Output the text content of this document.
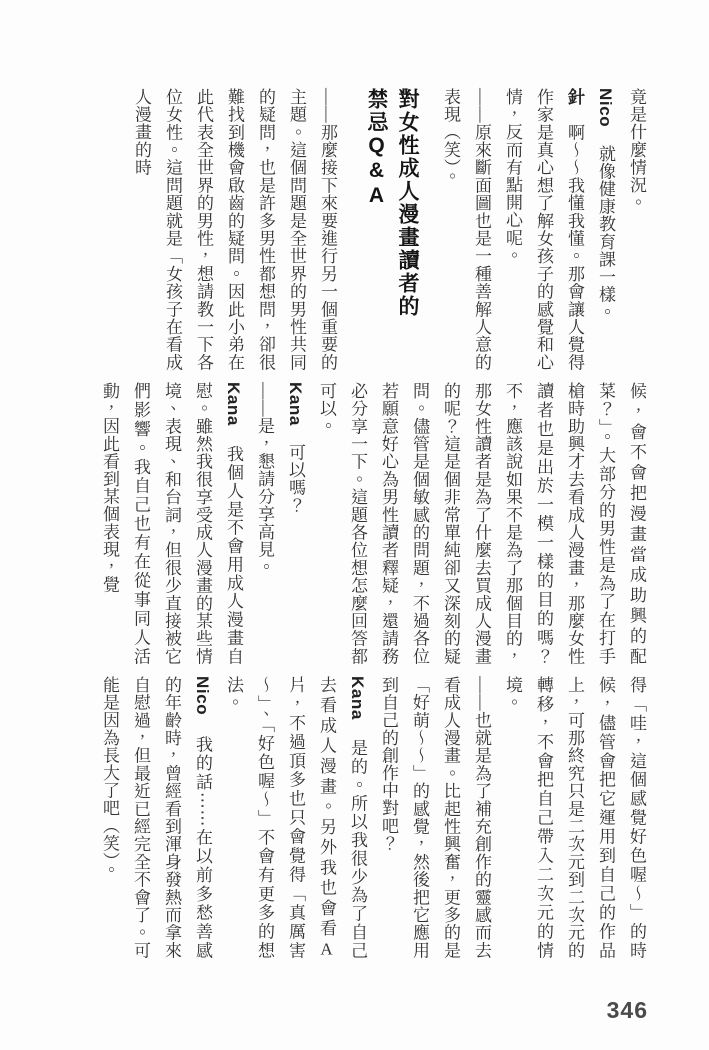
竟是什麼情況。

Nico　就像健康教育課一樣。

針　啊～～我懂我懂。那會讓人覺得作家是真心想了解女孩子的感覺和心情，反而有點開心呢。

——原來斷面圖也是一種善解人意的表現（笑）。

對女性成人漫畫讀者的
禁忌Q&A

——那麼接下來要進行另一個重要的主題。這個問題是全世界的男性共同的疑問，也是許多男性都想問，卻很難找到機會啟齒的疑問。因此小弟在此代表全世界的男性，想請教一下各位女性。這問題就是「女孩子在看成人漫畫的時

候，會不會把漫畫當成助興的配菜？」。大部分的男性是為了在打手槍時助興才去看成人漫畫，那麼女性讀者也是出於一模一樣的目的嗎？不，應該說如果不是為了那個目的，那女性讀者是為了什麼去買成人漫畫的呢？這是個非常單純卻又深刻的疑問。儘管是個敏感的問題，不過各位若願意好心為男性讀者釋疑，還請務必分享一下。這題各位想怎麼回答都可以。

Kana　可以嗎？

——是，懇請分享高見。

Kana　我個人是不會用成人漫畫自慰。雖然我很享受成人漫畫的某些情境、表現、和台詞，但很少直接被它們影響。我自己也有在從事同人活動，因此看到某個表現，覺

得「哇，這個感覺好色喔～」的時候，儘管會把它運用到自己的作品上，可那終究只是二次元到二次元的轉移，不會把自己帶入二次元的情境。

——也就是為了補充創作的靈感而去看成人漫畫。比起性興奮，更多的是「好萌～～」的感覺，然後把它應用到自己的創作中對吧？

Kana　是的。所以我很少為了自己去看成人漫畫。另外我也會看A片，不過頂多也只會覺得「真厲害～」、「好色喔～」不會有更多的想法。

Nico　我的話⋯⋯在以前多愁善感的年齡時，曾經看到渾身發熱而拿來自慰過，但最近已經完全不會了。可能是因為長大了吧（笑）。

346
